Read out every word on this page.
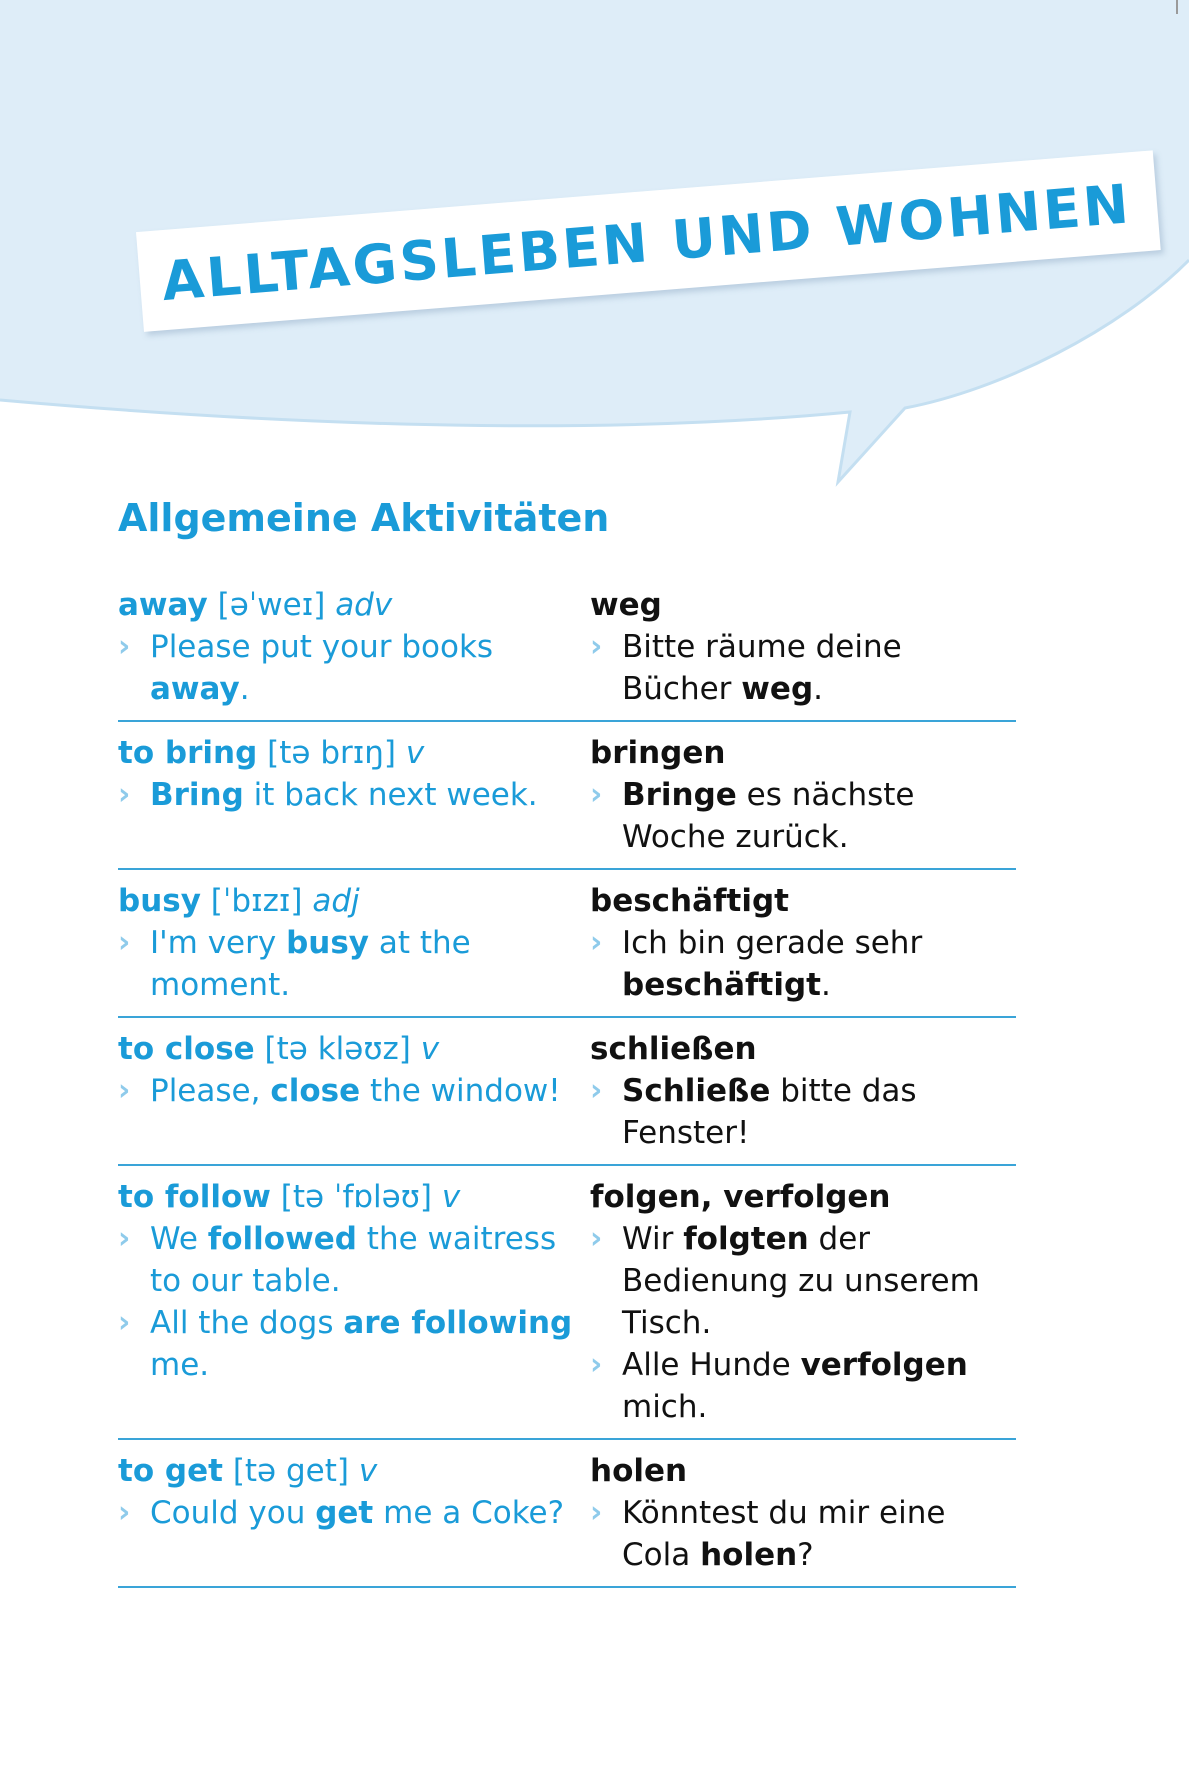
ALLTAGSLEBEN UND WOHNEN
Allgemeine Aktivitäten
away [əˈweɪ] adv
› Please put your books away.
weg
› Bitte räume deine Bücher weg.
to bring [tə brɪŋ] v
› Bring it back next week.
bringen
› Bringe es nächste Woche zurück.
busy [ˈbɪzɪ] adj
› I'm very busy at the moment.
beschäftigt
› Ich bin gerade sehr beschäftigt.
to close [tə kləʊz] v
› Please, close the window!
schließen
› Schließe bitte das Fenster!
to follow [tə ˈfɒləʊ] v
› We followed the waitress to our table.
› All the dogs are following me.
folgen, verfolgen
› Wir folgten der Bedienung zu unserem Tisch.
› Alle Hunde verfolgen mich.
to get [tə get] v
› Could you get me a Coke?
holen
› Könntest du mir eine Cola holen?
